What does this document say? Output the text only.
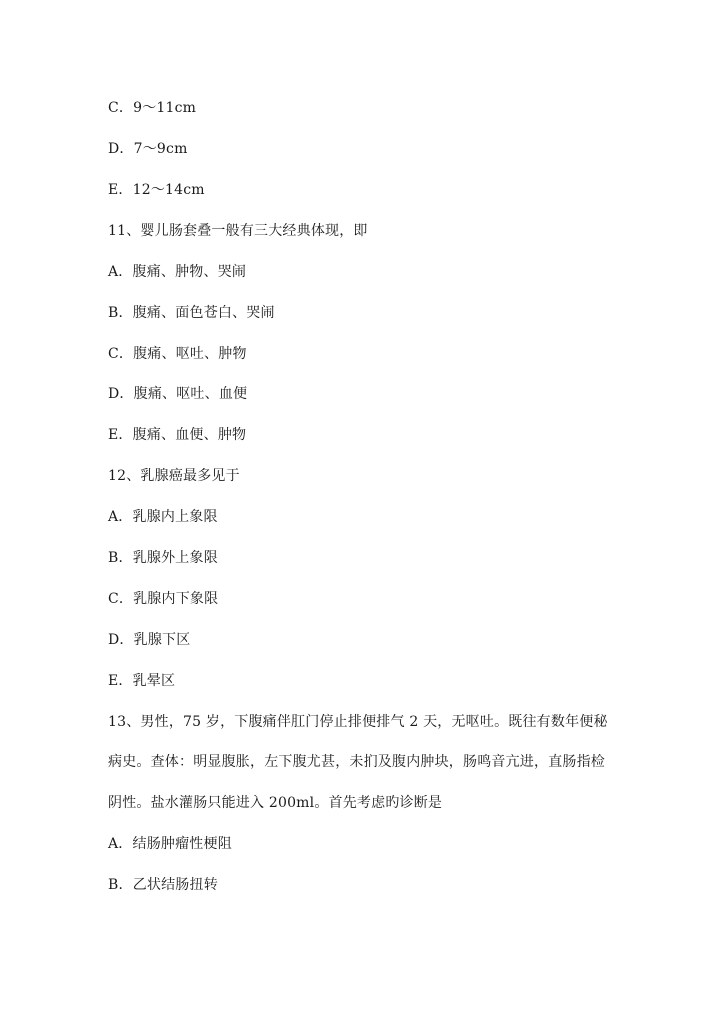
C．9～11cm
D．7～9cm
E．12～14cm
11、婴儿肠套叠一般有三大经典体现，即
A．腹痛、肿物、哭闹
B．腹痛、面色苍白、哭闹
C．腹痛、呕吐、肿物
D．腹痛、呕吐、血便
E．腹痛、血便、肿物
12、乳腺癌最多见于
A．乳腺内上象限
B．乳腺外上象限
C．乳腺内下象限
D．乳腺下区
E．乳晕区
13、男性，75 岁，下腹痛伴肛门停止排便排气 2 天，无呕吐。既往有数年便秘
病史。查体：明显腹胀，左下腹尤甚，未扪及腹内肿块，肠鸣音亢进，直肠指检
阴性。盐水灌肠只能进入 200ml。首先考虑旳诊断是
A．结肠肿瘤性梗阻
B．乙状结肠扭转
